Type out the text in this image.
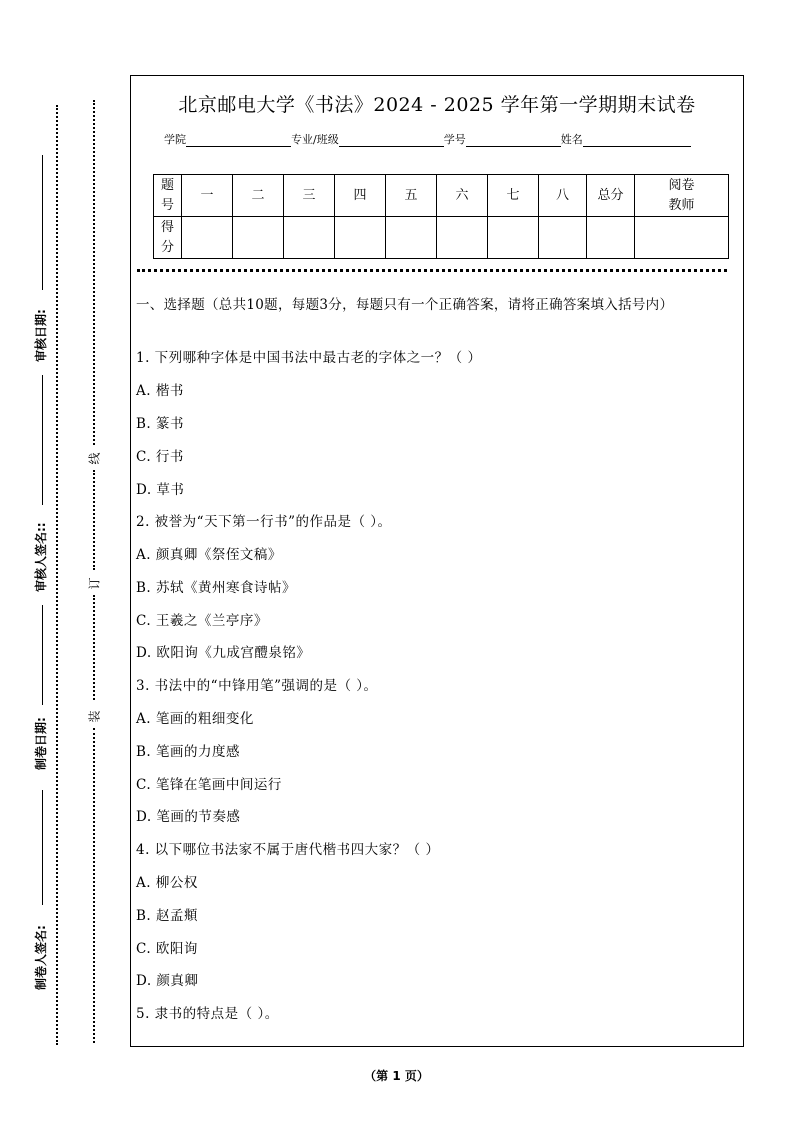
审核日期:
审核人签名::
制卷日期:
制卷人签名:
线
订
装
北京邮电大学《书法》2024 - 2025 学年第一学期期末试卷
学院	专业/班级	学号	姓名
题号	一	二	三	四	五	六	七	八	总分	阅卷教师
得分										
一、选择题（总共10题，每题3分，每题只有一个正确答案，请将正确答案填入括号内）
1. 下列哪种字体是中国书法中最古老的字体之一？（ ）
A. 楷书
B. 篆书
C. 行书
D. 草书
2. 被誉为“天下第一行书”的作品是（ ）。
A. 颜真卿《祭侄文稿》
B. 苏轼《黄州寒食诗帖》
C. 王羲之《兰亭序》
D. 欧阳询《九成宫醴泉铭》
3. 书法中的“中锋用笔”强调的是（ ）。
A. 笔画的粗细变化
B. 笔画的力度感
C. 笔锋在笔画中间运行
D. 笔画的节奏感
4. 以下哪位书法家不属于唐代楷书四大家？（ ）
A. 柳公权
B. 赵孟頫
C. 欧阳询
D. 颜真卿
5. 隶书的特点是（ ）。
（第 1 页）
